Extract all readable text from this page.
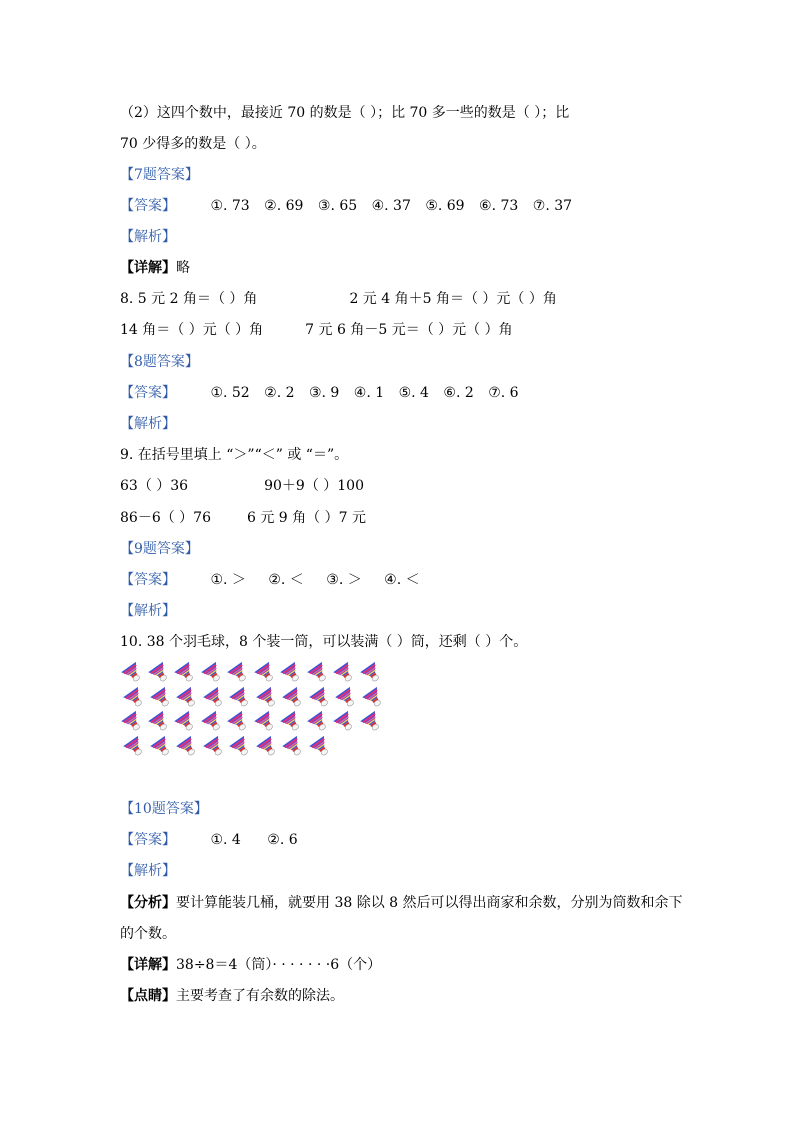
（2）这四个数中，最接近 70 的数是（ ）；比 70 多一些的数是（ ）；比
70 少得多的数是（ ）。
【7题答案】
【答案】 ①. 73 ②. 69 ③. 65 ④. 37 ⑤. 69 ⑥. 73 ⑦. 37
【解析】
【详解】略
8. 5 元 2 角＝（ ）角	2 元 4 角＋5 角＝（ ）元（ ）角
14 角＝（ ）元（ ）角	7 元 6 角－5 元＝（ ）元（ ）角
【8题答案】
【答案】 ①. 52 ②. 2 ③. 9 ④. 1 ⑤. 4 ⑥. 2 ⑦. 6
【解析】
9. 在括号里填上 “＞”“＜” 或 “＝”。
63（ ）36	90＋9（ ）100
86－6（ ）76	6 元 9 角（ ）7 元
【9题答案】
【答案】 ①. ＞ ②. ＜ ③. ＞ ④. ＜
【解析】
10. 38 个羽毛球，8 个装一筒，可以装满（ ）筒，还剩（ ）个。
【10题答案】
【答案】 ①. 4 ②. 6
【解析】
【分析】要计算能装几桶，就要用 38 除以 8 然后可以得出商家和余数，分别为筒数和余下
的个数。
【详解】38÷8＝4（筒）· · · · · · ·6（个）
【点睛】主要考查了有余数的除法。
